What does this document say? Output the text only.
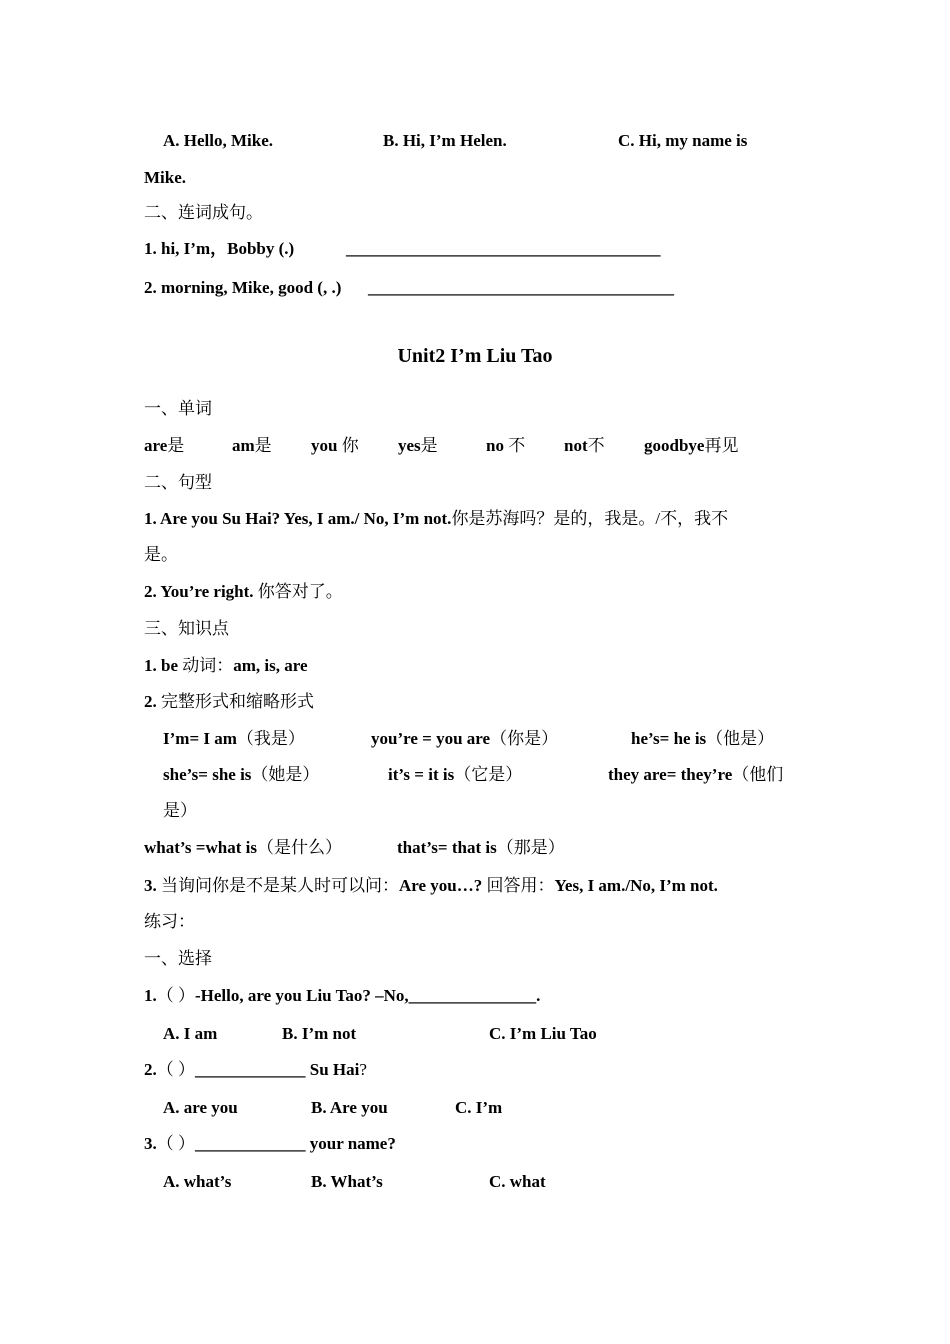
A. Hello, Mike.	B. Hi, I’m Helen.	C. Hi, my name is
Mike.
二、连词成句。
1. hi, I’m，Bobby (.)	_____________________________________
2. morning, Mike, good (, .) ____________________________________
Unit2 I’m Liu Tao
一、单词
are是	am是 you 你 yes是	no 不 not不 goodbye再见
二、句型
1. Are you Su Hai? Yes, I am./ No, I’m not.你是苏海吗？是的，我是。/不，我不
是。
2. You’re right. 你答对了。
三、知识点
1. be 动词：am, is, are
2. 完整形式和缩略形式
I’m= I am（我是）	you’re = you are（你是）	he’s= he is（他是）
she’s= she is（她是）	it’s = it is（它是）	they are= they’re（他们
是）
what’s =what is（是什么）	that’s= that is（那是）
3. 当询问你是不是某人时可以问：Are you…? 回答用：Yes, I am./No, I’m not.
练习：
一、选择
1.（ ）-Hello, are you Liu Tao? –No,_______________.
A. I am	B. I’m not	C. I’m Liu Tao
2.（ ）_____________ Su Hai?
A. are you	B. Are you	C. I’m
3.（ ）_____________ your name?
A. what’s	B. What’s	C. what
